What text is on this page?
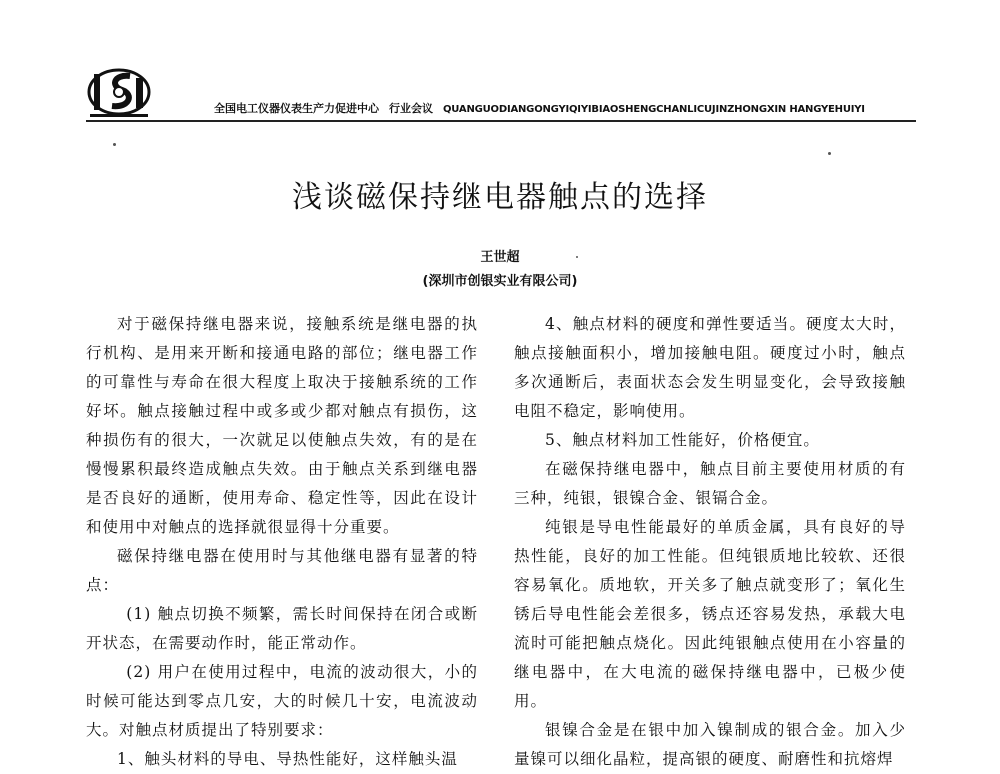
全国电工仪器仪表生产力促进中心 行业会议 QUANGUODIANGONGYIQIYIBIAOSHENGCHANLICUJINZHONGXIN HANGYEHUIYI
浅谈磁保持继电器触点的选择
王世超
(深圳市创银实业有限公司)

对于磁保持继电器来说，接触系统是继电器的执行机构、是用来开断和接通电路的部位；继电器工作的可靠性与寿命在很大程度上取决于接触系统的工作好坏。触点接触过程中或多或少都对触点有损伤，这种损伤有的很大，一次就足以使触点失效，有的是在慢慢累积最终造成触点失效。由于触点关系到继电器是否良好的通断，使用寿命、稳定性等，因此在设计和使用中对触点的选择就很显得十分重要。

磁保持继电器在使用时与其他继电器有显著的特点：

(1) 触点切换不频繁，需长时间保持在闭合或断开状态，在需要动作时，能正常动作。

(2) 用户在使用过程中，电流的波动很大，小的时候可能达到零点几安，大的时候几十安，电流波动大。对触点材质提出了特别要求：

1、触头材料的导电、导热性能好，这样触头温

4、触点材料的硬度和弹性要适当。硬度太大时，触点接触面积小，增加接触电阻。硬度过小时，触点多次通断后，表面状态会发生明显变化，会导致接触电阻不稳定，影响使用。

5、触点材料加工性能好，价格便宜。

在磁保持继电器中，触点目前主要使用材质的有三种，纯银，银镍合金、银镉合金。

纯银是导电性能最好的单质金属，具有良好的导热性能，良好的加工性能。但纯银质地比较软、还很容易氧化。质地软，开关多了触点就变形了；氧化生锈后导电性能会差很多，锈点还容易发热，承载大电流时可能把触点烧化。因此纯银触点使用在小容量的继电器中，在大电流的磁保持继电器中，已极少使用。

银镍合金是在银中加入镍制成的银合金。加入少量镍可以细化晶粒，提高银的硬度、耐磨性和抗熔焊
